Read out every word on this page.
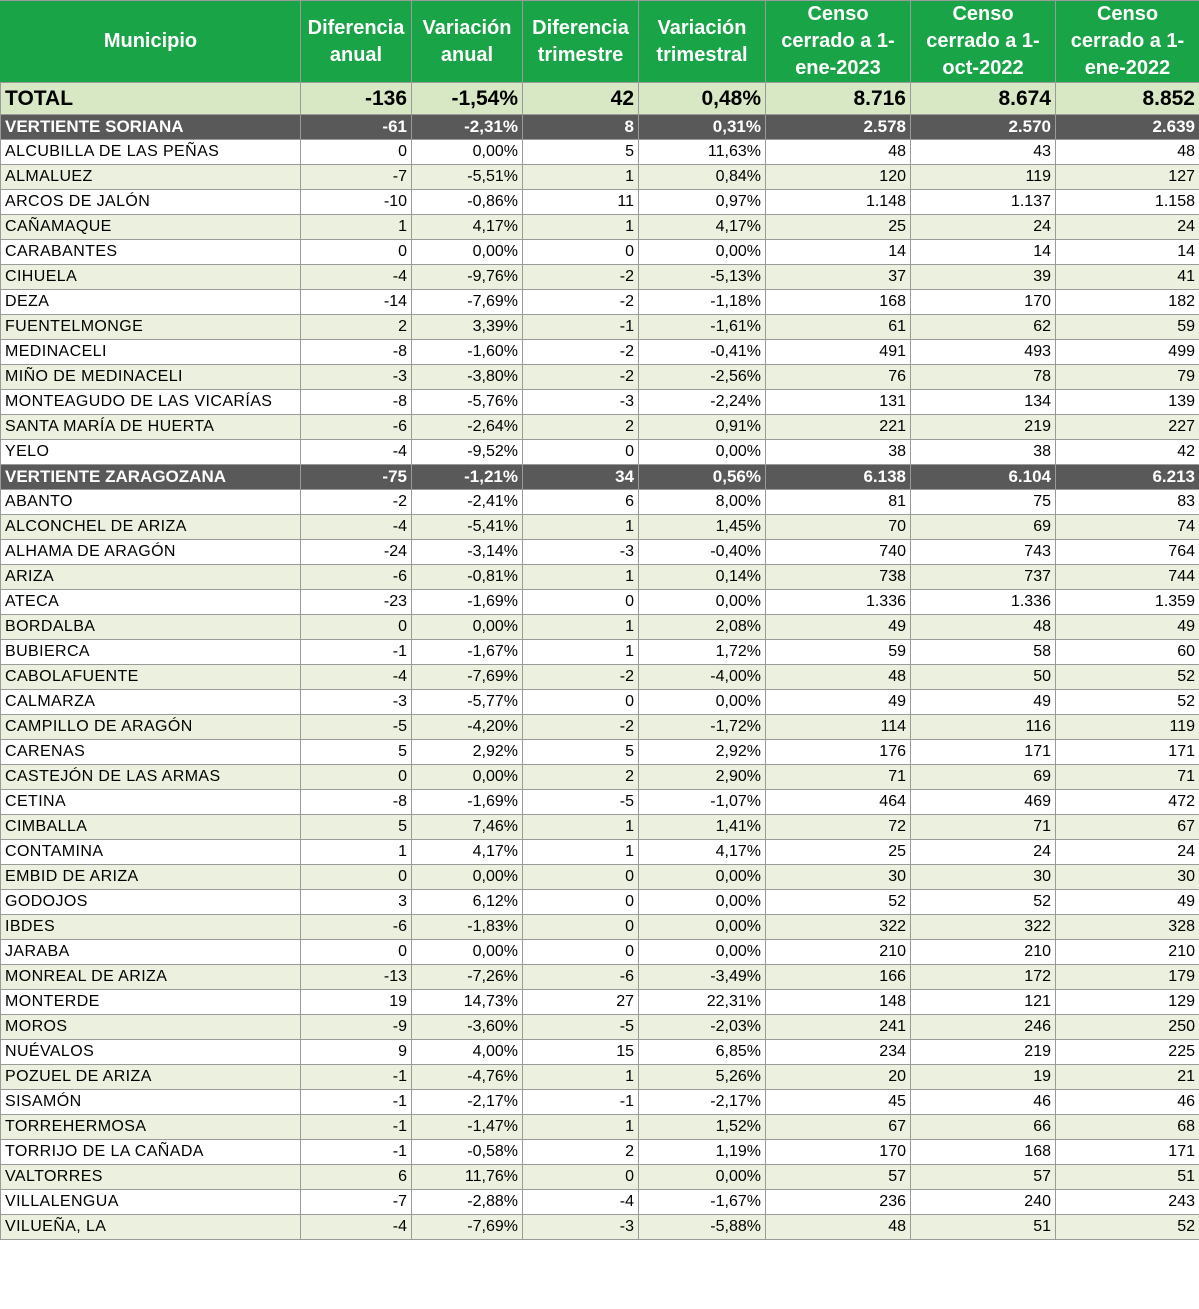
Municipio	Diferencia anual	Variación anual	Diferencia trimestre	Variación trimestral	Censo cerrado a 1-ene-2023	Censo cerrado a 1-oct-2022	Censo cerrado a 1-ene-2022
TOTAL	-136	-1,54%	42	0,48%	8.716	8.674	8.852
VERTIENTE SORIANA	-61	-2,31%	8	0,31%	2.578	2.570	2.639
ALCUBILLA DE LAS PEÑAS	0	0,00%	5	11,63%	48	43	48
ALMALUEZ	-7	-5,51%	1	0,84%	120	119	127
ARCOS DE JALÓN	-10	-0,86%	11	0,97%	1.148	1.137	1.158
CAÑAMAQUE	1	4,17%	1	4,17%	25	24	24
CARABANTES	0	0,00%	0	0,00%	14	14	14
CIHUELA	-4	-9,76%	-2	-5,13%	37	39	41
DEZA	-14	-7,69%	-2	-1,18%	168	170	182
FUENTELMONGE	2	3,39%	-1	-1,61%	61	62	59
MEDINACELI	-8	-1,60%	-2	-0,41%	491	493	499
MIÑO DE MEDINACELI	-3	-3,80%	-2	-2,56%	76	78	79
MONTEAGUDO DE LAS VICARÍAS	-8	-5,76%	-3	-2,24%	131	134	139
SANTA MARÍA DE HUERTA	-6	-2,64%	2	0,91%	221	219	227
YELO	-4	-9,52%	0	0,00%	38	38	42
VERTIENTE ZARAGOZANA	-75	-1,21%	34	0,56%	6.138	6.104	6.213
ABANTO	-2	-2,41%	6	8,00%	81	75	83
ALCONCHEL DE ARIZA	-4	-5,41%	1	1,45%	70	69	74
ALHAMA DE ARAGÓN	-24	-3,14%	-3	-0,40%	740	743	764
ARIZA	-6	-0,81%	1	0,14%	738	737	744
ATECA	-23	-1,69%	0	0,00%	1.336	1.336	1.359
BORDALBA	0	0,00%	1	2,08%	49	48	49
BUBIERCA	-1	-1,67%	1	1,72%	59	58	60
CABOLAFUENTE	-4	-7,69%	-2	-4,00%	48	50	52
CALMARZA	-3	-5,77%	0	0,00%	49	49	52
CAMPILLO DE ARAGÓN	-5	-4,20%	-2	-1,72%	114	116	119
CARENAS	5	2,92%	5	2,92%	176	171	171
CASTEJÓN DE LAS ARMAS	0	0,00%	2	2,90%	71	69	71
CETINA	-8	-1,69%	-5	-1,07%	464	469	472
CIMBALLA	5	7,46%	1	1,41%	72	71	67
CONTAMINA	1	4,17%	1	4,17%	25	24	24
EMBID DE ARIZA	0	0,00%	0	0,00%	30	30	30
GODOJOS	3	6,12%	0	0,00%	52	52	49
IBDES	-6	-1,83%	0	0,00%	322	322	328
JARABA	0	0,00%	0	0,00%	210	210	210
MONREAL DE ARIZA	-13	-7,26%	-6	-3,49%	166	172	179
MONTERDE	19	14,73%	27	22,31%	148	121	129
MOROS	-9	-3,60%	-5	-2,03%	241	246	250
NUÉVALOS	9	4,00%	15	6,85%	234	219	225
POZUEL DE ARIZA	-1	-4,76%	1	5,26%	20	19	21
SISAMÓN	-1	-2,17%	-1	-2,17%	45	46	46
TORREHERMOSA	-1	-1,47%	1	1,52%	67	66	68
TORRIJO DE LA CAÑADA	-1	-0,58%	2	1,19%	170	168	171
VALTORRES	6	11,76%	0	0,00%	57	57	51
VILLALENGUA	-7	-2,88%	-4	-1,67%	236	240	243
VILUEÑA, LA	-4	-7,69%	-3	-5,88%	48	51	52
